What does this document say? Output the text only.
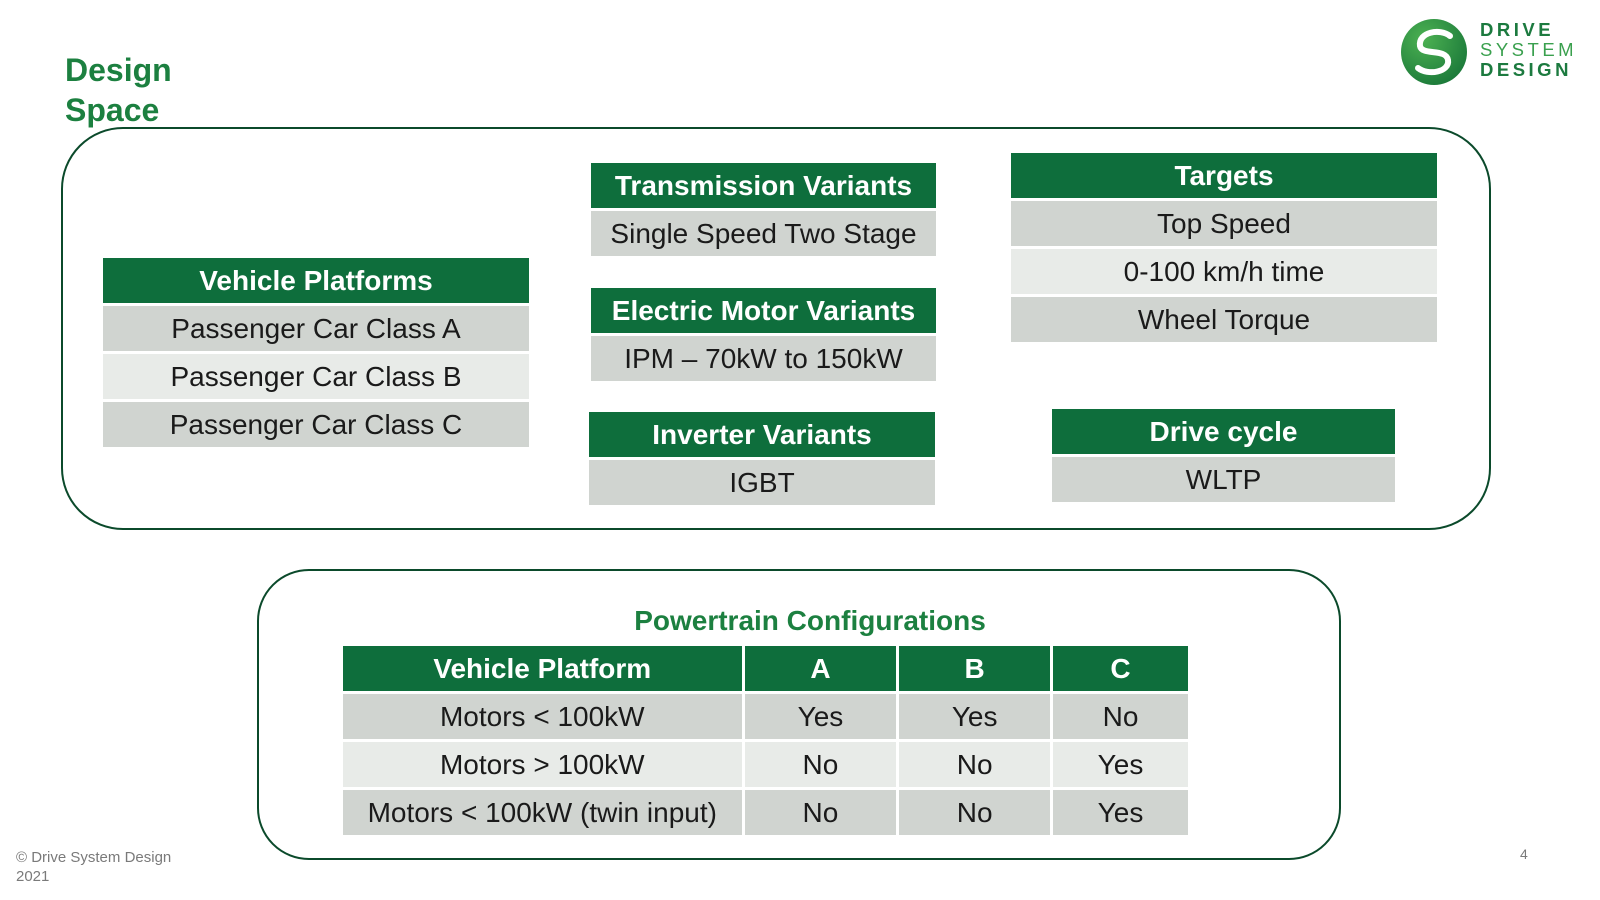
Design
Space
DRIVE
SYSTEM
DESIGN
Vehicle Platforms
Passenger Car Class A
Passenger Car Class B
Passenger Car Class C
Transmission Variants
Single Speed Two Stage
Electric Motor Variants
IPM – 70kW to 150kW
Inverter Variants
IGBT
Targets
Top Speed
0-100 km/h time
Wheel Torque
Drive cycle
WLTP
Powertrain Configurations
Vehicle Platform	A	B	C
Motors < 100kW	Yes	Yes	No
Motors > 100kW	No	No	Yes
Motors < 100kW (twin input)	No	No	Yes
© Drive System Design
2021
4
